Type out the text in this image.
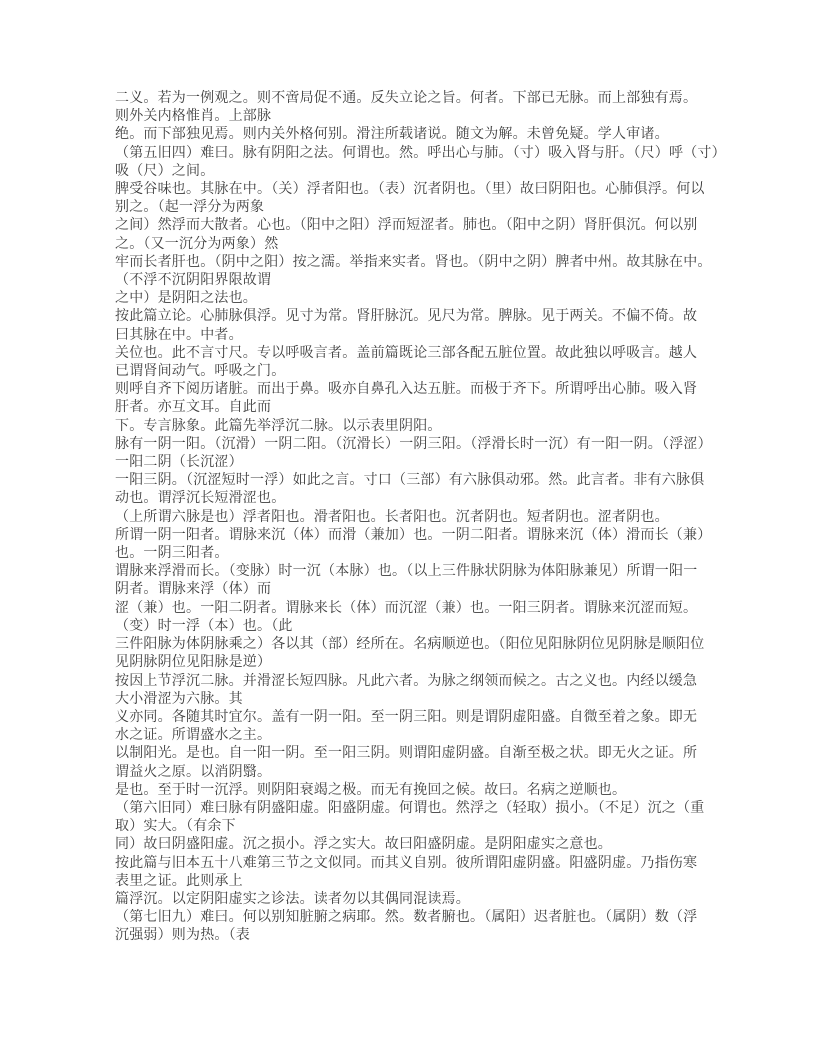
二义。若为一例观之。则不啻局促不通。反失立论之旨。何者。下部已无脉。而上部独有焉。
则外关内格惟肖。上部脉
绝。而下部独见焉。则内关外格何别。滑注所载诸说。随文为解。未曾免疑。学人审诸。
（第五旧四）难曰。脉有阴阳之法。何谓也。然。呼出心与肺。（寸）吸入肾与肝。（尺）呼（寸）
吸（尺）之间。
脾受谷味也。其脉在中。（关）浮者阳也。（表）沉者阴也。（里）故曰阴阳也。心肺俱浮。何以
别之。（起一浮分为两象
之间）然浮而大散者。心也。（阳中之阳）浮而短涩者。肺也。（阳中之阴）肾肝俱沉。何以别
之。（又一沉分为两象）然
牢而长者肝也。（阴中之阳）按之濡。举指来实者。肾也。（阴中之阴）脾者中州。故其脉在中。
（不浮不沉阴阳界限故谓
之中）是阴阳之法也。
按此篇立论。心肺脉俱浮。见寸为常。肾肝脉沉。见尺为常。脾脉。见于两关。不偏不倚。故
曰其脉在中。中者。
关位也。此不言寸尺。专以呼吸言者。盖前篇既论三部各配五脏位置。故此独以呼吸言。越人
已谓肾间动气。呼吸之门。
则呼自齐下阅历诸脏。而出于鼻。吸亦自鼻孔入达五脏。而极于齐下。所谓呼出心肺。吸入肾
肝者。亦互文耳。自此而
下。专言脉象。此篇先举浮沉二脉。以示表里阴阳。
脉有一阴一阳。（沉滑）一阴二阳。（沉滑长）一阴三阳。（浮滑长时一沉）有一阳一阴。（浮涩）
一阳二阴（长沉涩）
一阳三阴。（沉涩短时一浮）如此之言。寸口（三部）有六脉俱动邪。然。此言者。非有六脉俱
动也。谓浮沉长短滑涩也。
（上所谓六脉是也）浮者阳也。滑者阳也。长者阳也。沉者阴也。短者阴也。涩者阴也。
所谓一阴一阳者。谓脉来沉（体）而滑（兼加）也。一阴二阳者。谓脉来沉（体）滑而长（兼）
也。一阴三阳者。
谓脉来浮滑而长。（变脉）时一沉（本脉）也。（以上三件脉状阴脉为体阳脉兼见）所谓一阳一
阴者。谓脉来浮（体）而
涩（兼）也。一阳二阴者。谓脉来长（体）而沉涩（兼）也。一阳三阴者。谓脉来沉涩而短。
（变）时一浮（本）也。（此
三件阳脉为体阴脉乘之）各以其（部）经所在。名病顺逆也。（阳位见阳脉阴位见阴脉是顺阳位
见阴脉阴位见阳脉是逆）
按因上节浮沉二脉。并滑涩长短四脉。凡此六者。为脉之纲领而候之。古之义也。内经以缓急
大小滑涩为六脉。其
义亦同。各随其时宜尔。盖有一阴一阳。至一阴三阳。则是谓阴虚阳盛。自微至着之象。即无
水之证。所谓盛水之主。
以制阳光。是也。自一阳一阴。至一阳三阴。则谓阳虚阴盛。自渐至极之状。即无火之证。所
谓益火之原。以消阴翳。
是也。至于时一沉浮。则阴阳衰竭之极。而无有挽回之候。故曰。名病之逆顺也。
（第六旧同）难曰脉有阴盛阳虚。阳盛阴虚。何谓也。然浮之（轻取）损小。（不足）沉之（重
取）实大。（有余下
同）故曰阴盛阳虚。沉之损小。浮之实大。故曰阳盛阴虚。是阴阳虚实之意也。
按此篇与旧本五十八难第三节之文似同。而其义自别。彼所谓阳虚阴盛。阳盛阴虚。乃指伤寒
表里之证。此则承上
篇浮沉。以定阴阳虚实之诊法。读者勿以其偶同混读焉。
（第七旧九）难曰。何以别知脏腑之病耶。然。数者腑也。（属阳）迟者脏也。（属阴）数（浮
沉强弱）则为热。（表
